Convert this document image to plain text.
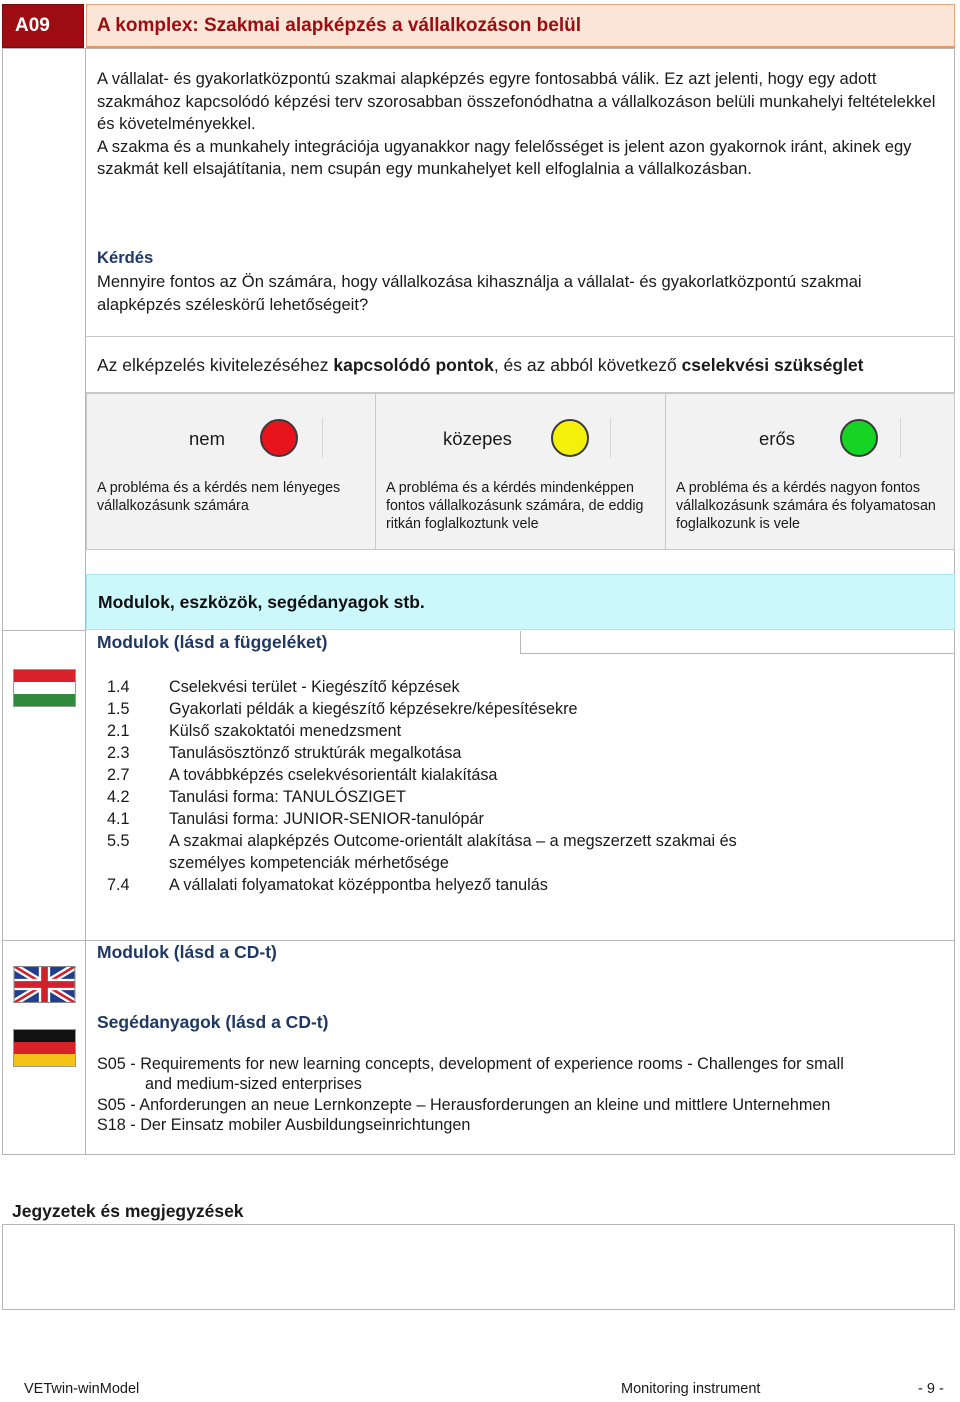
A09	A komplex: Szakmai alapképzés a vállalkozáson belül

A vállalat- és gyakorlatközpontú szakmai alapképzés egyre fontosabbá válik. Ez azt jelenti, hogy egy adott szakmához kapcsolódó képzési terv szorosabban összefonódhatna a vállalkozáson belüli munkahelyi feltételekkel és követelményekkel.

A szakma és a munkahely integrációja ugyanakkor nagy felelősséget is jelent azon gyakornok iránt, akinek egy szakmát kell elsajátítania, nem csupán egy munkahelyet kell elfoglalnia a vállalkozásban.

Kérdés
Mennyire fontos az Ön számára, hogy vállalkozása kihasználja a vállalat- és gyakorlatközpontú szakmai alapképzés széleskörű lehetőségeit?
Az elképzelés kivitelezéséhez kapcsolódó pontok, és az abból következő cselekvési szükséglet
nem	közepes	erős
A probléma és a kérdés nem lényeges vállalkozásunk számára
A probléma és a kérdés mindenképpen fontos vállalkozásunk számára, de eddig ritkán foglalkoztunk vele
A probléma és a kérdés nagyon fontos vállalkozásunk számára és folyamatosan foglalkozunk is vele
Modulok, eszközök, segédanyagok stb.
Modulok (lásd a függeléket)
1.4	Cselekvési terület - Kiegészítő képzések
1.5	Gyakorlati példák a kiegészítő képzésekre/képesítésekre
2.1	Külső szakoktatói menedzsment
2.3	Tanulásösztönző struktúrák megalkotása
2.7	A továbbképzés cselekvésorientált kialakítása
4.2	Tanulási forma: TANULÓSZIGET
4.1	Tanulási forma: JUNIOR-SENIOR-tanulópár
5.5	A szakmai alapképzés Outcome-orientált alakítása – a megszerzett szakmai és személyes kompetenciák mérhetősége
7.4	A vállalati folyamatokat középpontba helyező tanulás
Modulok (lásd a CD-t)
Segédanyagok (lásd a CD-t)
S05 - Requirements for new learning concepts, development of experience rooms - Challenges for small
and medium-sized enterprises
S05 - Anforderungen an neue Lernkonzepte – Herausforderungen an kleine und mittlere Unternehmen
S18 - Der Einsatz mobiler Ausbildungseinrichtungen
Jegyzetek és megjegyzések
VETwin-winModel	Monitoring instrument	- 9 -
